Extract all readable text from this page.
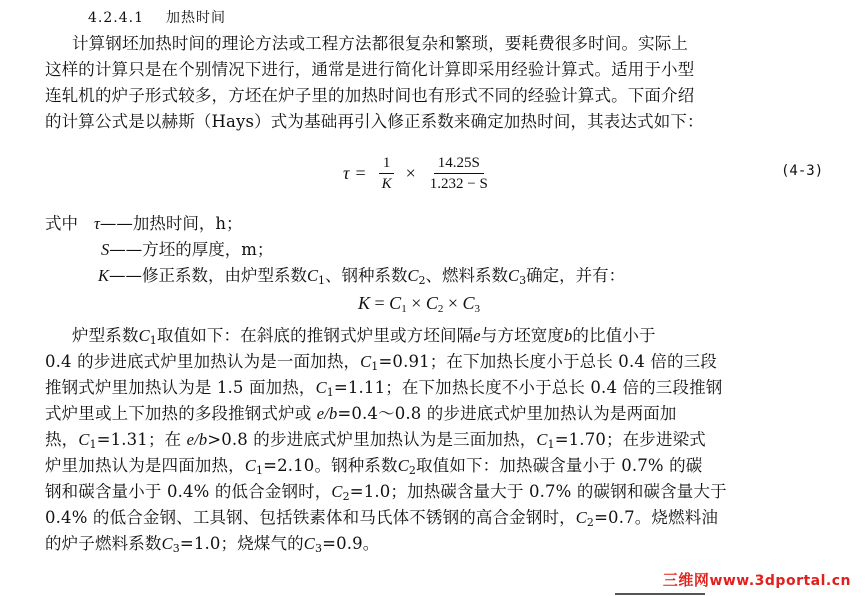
4.2.4.1 加热时间
计算钢坯加热时间的理论方法或工程方法都很复杂和繁琐，要耗费很多时间。实际上
这样的计算只是在个别情况下进行，通常是进行简化计算即采用经验计算式。适用于小型
连轧机的炉子形式较多，方坯在炉子里的加热时间也有形式不同的经验计算式。下面介绍
的计算公式是以赫斯（Hays）式为基础再引入修正系数来确定加热时间，其表达式如下：
$\tau = \frac{1}{K} \times \frac{14.25S}{1.232 - S}$	(4-3)
式中 τ——加热时间，h；
S——方坯的厚度，m；
K——修正系数，由炉型系数$C_1$、钢种系数$C_2$、燃料系数$C_3$确定，并有：
$K = C_1 \times C_2 \times C_3$
炉型系数$C_1$取值如下：在斜底的推钢式炉里或方坯间隔e与方坯宽度b的比值小于
0.4 的步进底式炉里加热认为是一面加热，$C_1=0.91$；在下加热长度小于总长 0.4 倍的三段
推钢式炉里加热认为是 1.5 面加热，$C_1=1.11$；在下加热长度不小于总长 0.4 倍的三段推钢
式炉里或上下加热的多段推钢式炉或 e/b=0.4～0.8 的步进底式炉里加热认为是两面加
热，$C_1=1.31$；在 e/b>0.8 的步进底式炉里加热认为是三面加热，$C_1=1.70$；在步进梁式
炉里加热认为是四面加热，$C_1=2.10$。钢种系数$C_2$取值如下：加热碳含量小于 0.7% 的碳
钢和碳含量小于 0.4% 的低合金钢时，$C_2=1.0$；加热碳含量大于 0.7% 的碳钢和碳含量大于
0.4% 的低合金钢、工具钢、包括铁素体和马氏体不锈钢的高合金钢时，$C_2=0.7$。烧燃料油
的炉子燃料系数$C_3=1.0$；烧煤气的$C_3=0.9$。
三维网www.3dportal.cn
